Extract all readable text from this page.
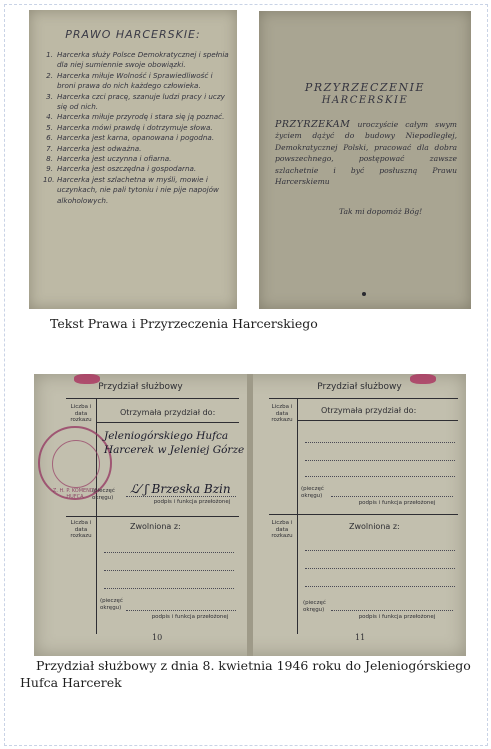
PRAWO HARCERSKIE:
1. Harcerka służy Polsce Demokratycznej i spełnia dla niej sumiennie swoje obowiązki.
2. Harcerka miłuje Wolność i Sprawiedliwość i broni prawa do nich każdego człowieka.
3. Harcerka czci pracę, szanuje ludzi pracy i uczy się od nich.
4. Harcerka miłuje przyrodę i stara się ją poznać.
5. Harcerka mówi prawdę i dotrzymuje słowa.
6. Harcerka jest karna, opanowana i pogodna.
7. Harcerka jest odważna.
8. Harcerka jest uczynna i ofiarna.
9. Harcerka jest oszczędna i gospodarna.
10. Harcerka jest szlachetna w myśli, mowie i uczynkach, nie pali tytoniu i nie pije napojów alkoholowych.
PRZYRZECZENIE
HARCERSKIE
PRZYRZEKAM uroczyście całym swym życiem dążyć do budowy Niepodległej, Demokratycznej Polski, pracować dla dobra powszechnego, postępować zawsze szlachetnie i być posłuszną Prawu Harcerskiemu
Tak mi dopomóż Bóg!
Tekst Prawa i Przyrzeczenia Harcerskiego
Przydział służbowy
Liczba i data rozkazu
Otrzymała przydział do:
Z. H. P. KOMENDA HUFCA
Jeleniogórskiego Hufca
Harcerek w Jeleniej Górze
(pieczęć okręgu)
ℒ⁄ ʃ Brzeska Bzin
podpis i funkcja przełożonej
Liczba i data rozkazu
Zwolniona z:
(pieczęć okręgu)
podpis i funkcja przełożonej
10
Przydział służbowy
Liczba i data rozkazu
Otrzymała przydział do:
(pieczęć okręgu)
podpis i funkcja przełożonej
Liczba i data rozkazu
Zwolniona z:
(pieczęć okręgu)
podpis i funkcja przełożonej
11
Przydział służbowy z dnia 8. kwietnia 1946 roku do Jeleniogórskiego Hufca Harcerek
